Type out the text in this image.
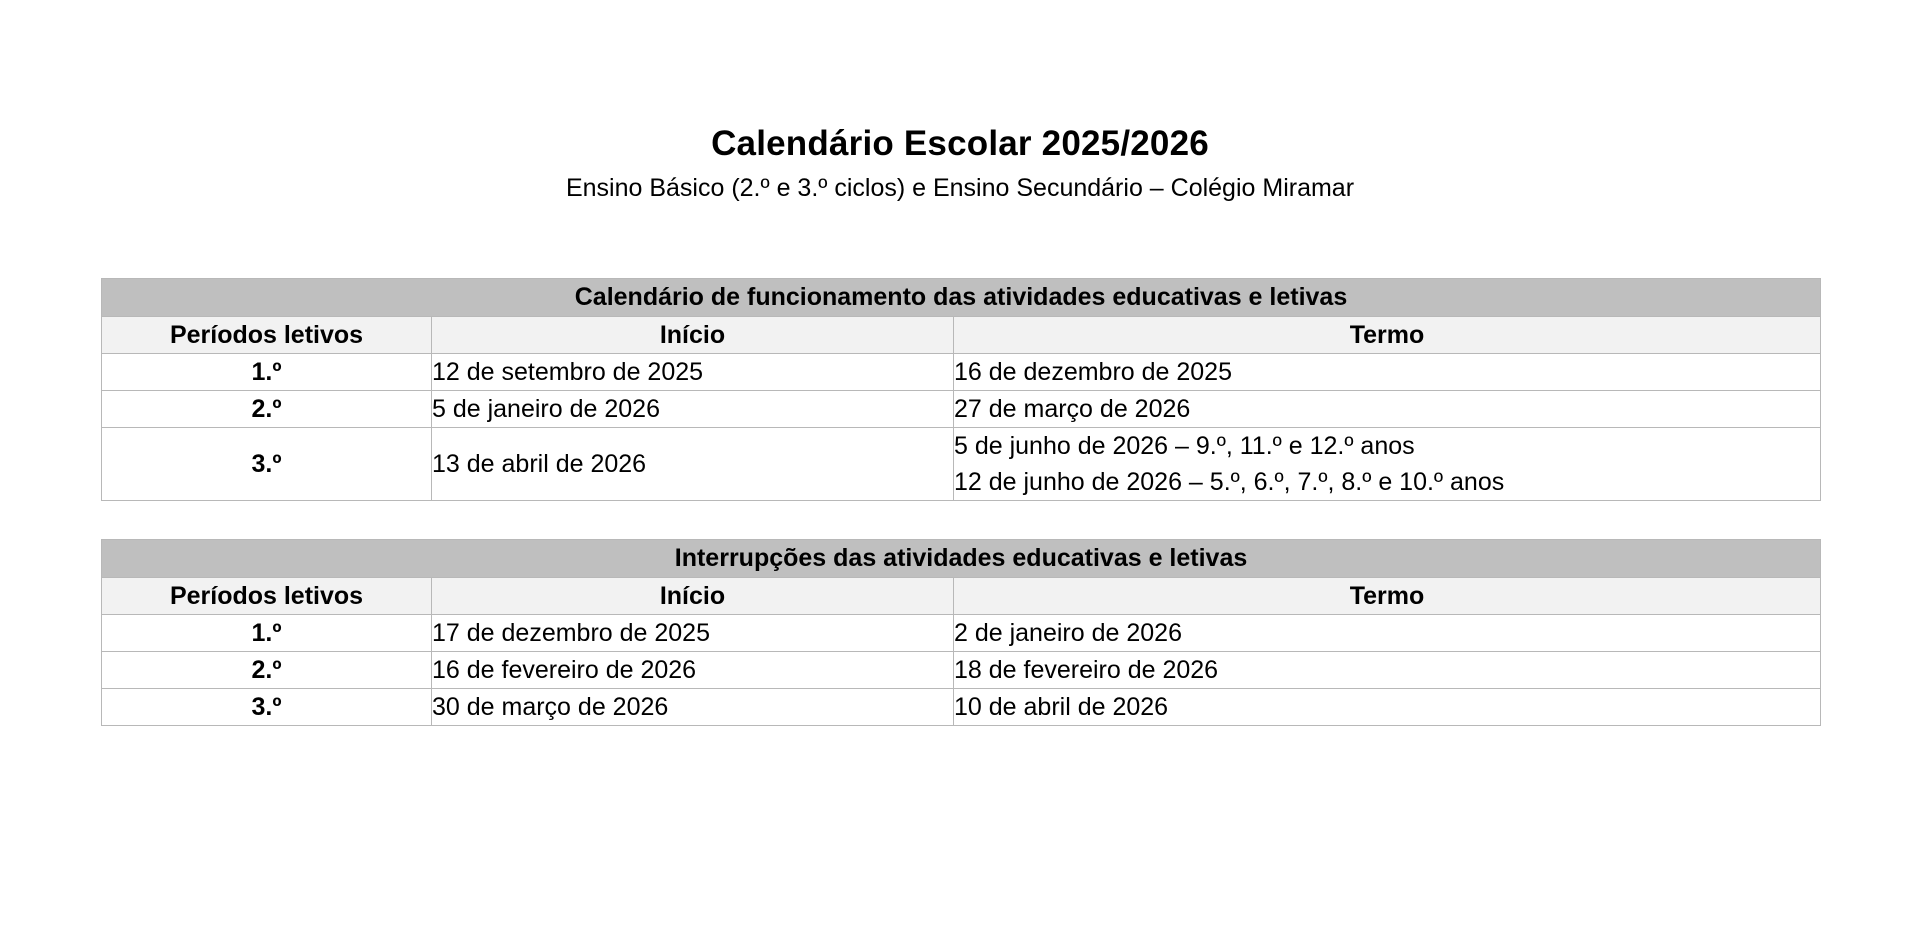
Calendário Escolar 2025/2026
Ensino Básico (2.º e 3.º ciclos) e Ensino Secundário – Colégio Miramar
Calendário de funcionamento das atividades educativas e letivas		
Períodos letivos	Início	Termo
1.º	12 de setembro de 2025	16 de dezembro de 2025

2.º	5 de janeiro de 2026	27 de março de 2026

3.º	13 de abril de 2026	5 de junho de 2026 – 9.º, 11.º e 12.º anos
12 de junho de 2026 – 5.º, 6.º, 7.º, 8.º e 10.º anos
Interrupções das atividades educativas e letivas		
Períodos letivos	Início	Termo
1.º	17 de dezembro de 2025	2 de janeiro de 2026

2.º	16 de fevereiro de 2026	18 de fevereiro de 2026

3.º	30 de março de 2026	10 de abril de 2026
